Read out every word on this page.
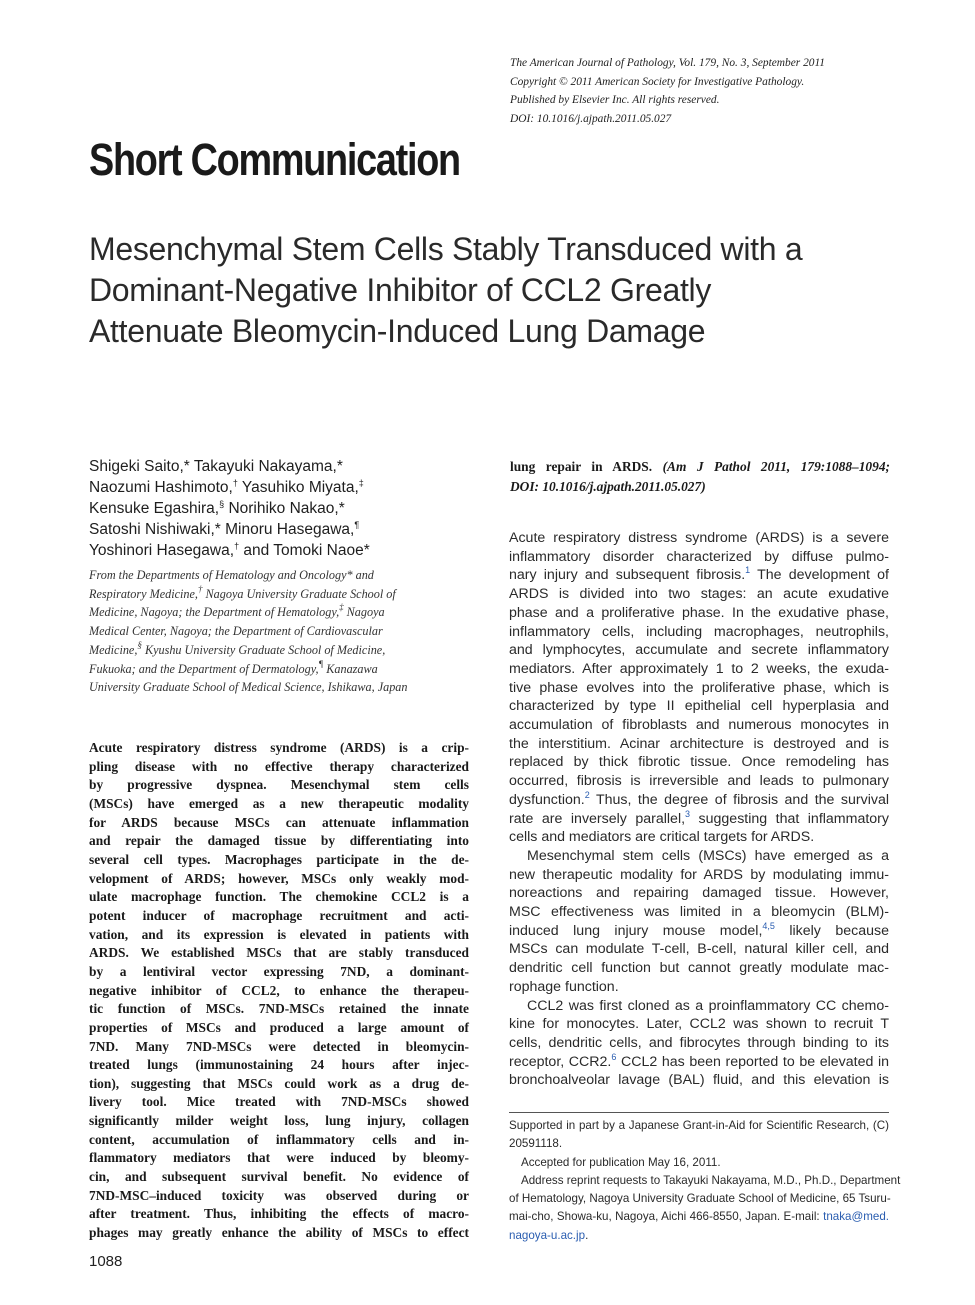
The American Journal of Pathology, Vol. 179, No. 3, September 2011
Copyright © 2011 American Society for Investigative Pathology.
Published by Elsevier Inc. All rights reserved.
DOI: 10.1016/j.ajpath.2011.05.027
Short Communication
Mesenchymal Stem Cells Stably Transduced with a
Dominant-Negative Inhibitor of CCL2 Greatly
Attenuate Bleomycin-Induced Lung Damage
Shigeki Saito,* Takayuki Nakayama,*
Naozumi Hashimoto,† Yasuhiko Miyata,‡
Kensuke Egashira,§ Norihiko Nakao,*
Satoshi Nishiwaki,* Minoru Hasegawa,¶
Yoshinori Hasegawa,† and Tomoki Naoe*
From the Departments of Hematology and Oncology* and
Respiratory Medicine,† Nagoya University Graduate School of
Medicine, Nagoya; the Department of Hematology,‡ Nagoya
Medical Center, Nagoya; the Department of Cardiovascular
Medicine,§ Kyushu University Graduate School of Medicine,
Fukuoka; and the Department of Dermatology,¶ Kanazawa
University Graduate School of Medical Science, Ishikawa, Japan
Acute respiratory distress syndrome (ARDS) is a crip-
pling disease with no effective therapy characterized
by progressive dyspnea. Mesenchymal stem cells
(MSCs) have emerged as a new therapeutic modality
for ARDS because MSCs can attenuate inflammation
and repair the damaged tissue by differentiating into
several cell types. Macrophages participate in the de-
velopment of ARDS; however, MSCs only weakly mod-
ulate macrophage function. The chemokine CCL2 is a
potent inducer of macrophage recruitment and acti-
vation, and its expression is elevated in patients with
ARDS. We established MSCs that are stably transduced
by a lentiviral vector expressing 7ND, a dominant-
negative inhibitor of CCL2, to enhance the therapeu-
tic function of MSCs. 7ND-MSCs retained the innate
properties of MSCs and produced a large amount of
7ND. Many 7ND-MSCs were detected in bleomycin-
treated lungs (immunostaining 24 hours after injec-
tion), suggesting that MSCs could work as a drug de-
livery tool. Mice treated with 7ND-MSCs showed
significantly milder weight loss, lung injury, collagen
content, accumulation of inflammatory cells and in-
flammatory mediators that were induced by bleomy-
cin, and subsequent survival benefit. No evidence of
7ND-MSC–induced toxicity was observed during or
after treatment. Thus, inhibiting the effects of macro-
phages may greatly enhance the ability of MSCs to effect
lung repair in ARDS. (Am J Pathol 2011, 179:1088–1094;
DOI: 10.1016/j.ajpath.2011.05.027)
Acute respiratory distress syndrome (ARDS) is a severe
inflammatory disorder characterized by diffuse pulmo-
nary injury and subsequent fibrosis.$^1$ The development of
ARDS is divided into two stages: an acute exudative
phase and a proliferative phase. In the exudative phase,
inflammatory cells, including macrophages, neutrophils,
and lymphocytes, accumulate and secrete inflammatory
mediators. After approximately 1 to 2 weeks, the exuda-
tive phase evolves into the proliferative phase, which is
characterized by type II epithelial cell hyperplasia and
accumulation of fibroblasts and numerous monocytes in
the interstitium. Acinar architecture is destroyed and is
replaced by thick fibrotic tissue. Once remodeling has
occurred, fibrosis is irreversible and leads to pulmonary
dysfunction.$^2$ Thus, the degree of fibrosis and the survival
rate are inversely parallel,$^3$ suggesting that inflammatory
cells and mediators are critical targets for ARDS.
Mesenchymal stem cells (MSCs) have emerged as a
new therapeutic modality for ARDS by modulating immu-
noreactions and repairing damaged tissue. However,
MSC effectiveness was limited in a bleomycin (BLM)-
induced lung injury mouse model,$^{4,5}$ likely because
MSCs can modulate T-cell, B-cell, natural killer cell, and
dendritic cell function but cannot greatly modulate mac-
rophage function.
CCL2 was first cloned as a proinflammatory CC chemo-
kine for monocytes. Later, CCL2 was shown to recruit T
cells, dendritic cells, and fibrocytes through binding to its
receptor, CCR2.$^6$ CCL2 has been reported to be elevated in
bronchoalveolar lavage (BAL) fluid, and this elevation is
Supported in part by a Japanese Grant-in-Aid for Scientific Research, (C)
20591118.
Accepted for publication May 16, 2011.
Address reprint requests to Takayuki Nakayama, M.D., Ph.D., Department
of Hematology, Nagoya University Graduate School of Medicine, 65 Tsuru-
mai-cho, Showa-ku, Nagoya, Aichi 466-8550, Japan. E-mail: tnaka@med.
nagoya-u.ac.jp.
1088
